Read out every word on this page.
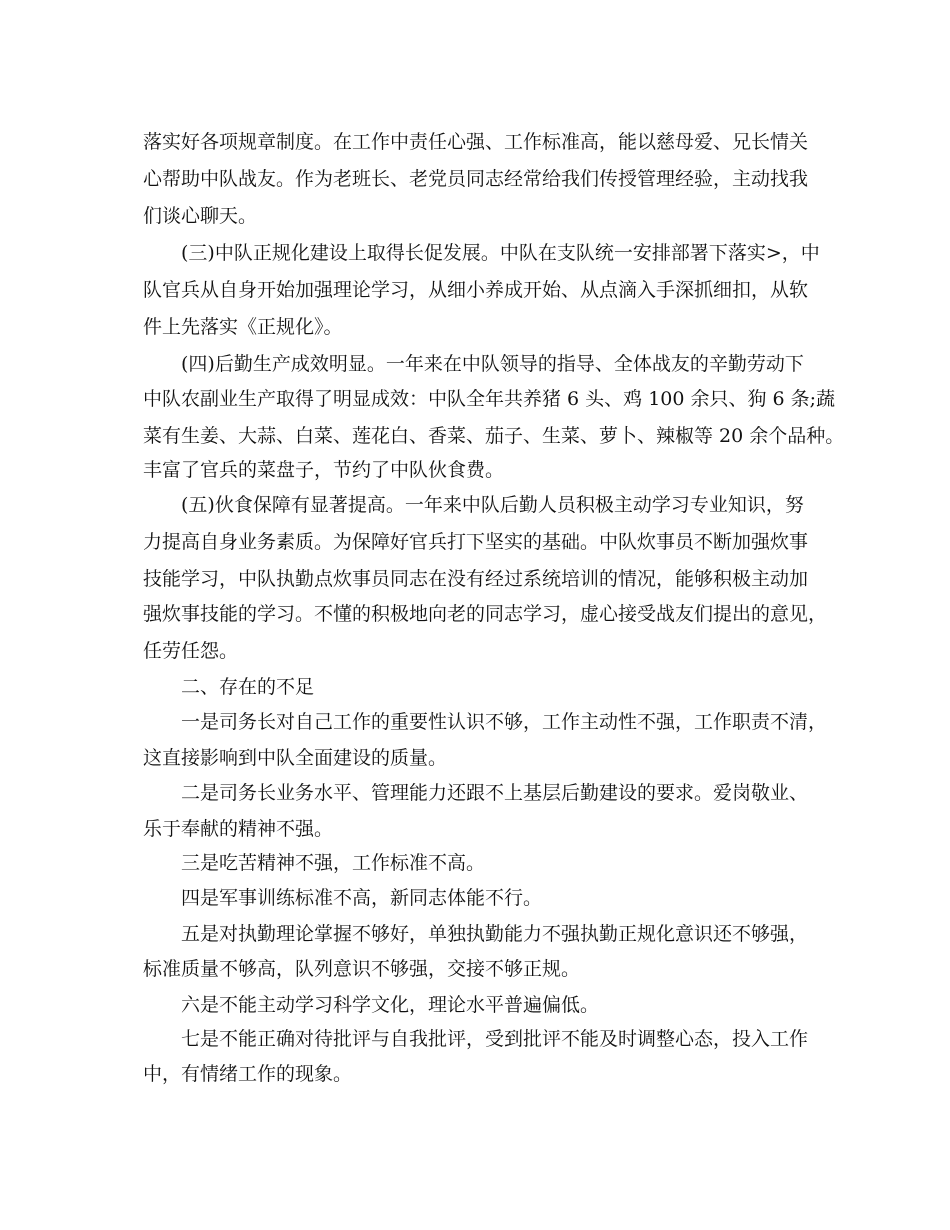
落实好各项规章制度。在工作中责任心强、工作标准高，能以慈母爱、兄长情关

心帮助中队战友。作为老班长、老党员同志经常给我们传授管理经验，主动找我

们谈心聊天。

(三)中队正规化建设上取得长促发展。中队在支队统一安排部署下落实>，中

队官兵从自身开始加强理论学习，从细小养成开始、从点滴入手深抓细扣，从软

件上先落实《正规化》。

(四)后勤生产成效明显。一年来在中队领导的指导、全体战友的辛勤劳动下

中队农副业生产取得了明显成效：中队全年共养猪 6 头、鸡 100 余只、狗 6 条;蔬

菜有生姜、大蒜、白菜、莲花白、香菜、茄子、生菜、萝卜、辣椒等 20 余个品种。

丰富了官兵的菜盘子，节约了中队伙食费。

(五)伙食保障有显著提高。一年来中队后勤人员积极主动学习专业知识，努

力提高自身业务素质。为保障好官兵打下坚实的基础。中队炊事员不断加强炊事

技能学习，中队执勤点炊事员同志在没有经过系统培训的情况，能够积极主动加

强炊事技能的学习。不懂的积极地向老的同志学习，虚心接受战友们提出的意见，

任劳任怨。

二、存在的不足

一是司务长对自己工作的重要性认识不够，工作主动性不强，工作职责不清，

这直接影响到中队全面建设的质量。

二是司务长业务水平、管理能力还跟不上基层后勤建设的要求。爱岗敬业、

乐于奉献的精神不强。

三是吃苦精神不强，工作标准不高。

四是军事训练标准不高，新同志体能不行。

五是对执勤理论掌握不够好，单独执勤能力不强执勤正规化意识还不够强，

标准质量不够高，队列意识不够强，交接不够正规。

六是不能主动学习科学文化，理论水平普遍偏低。

七是不能正确对待批评与自我批评，受到批评不能及时调整心态，投入工作

中，有情绪工作的现象。
